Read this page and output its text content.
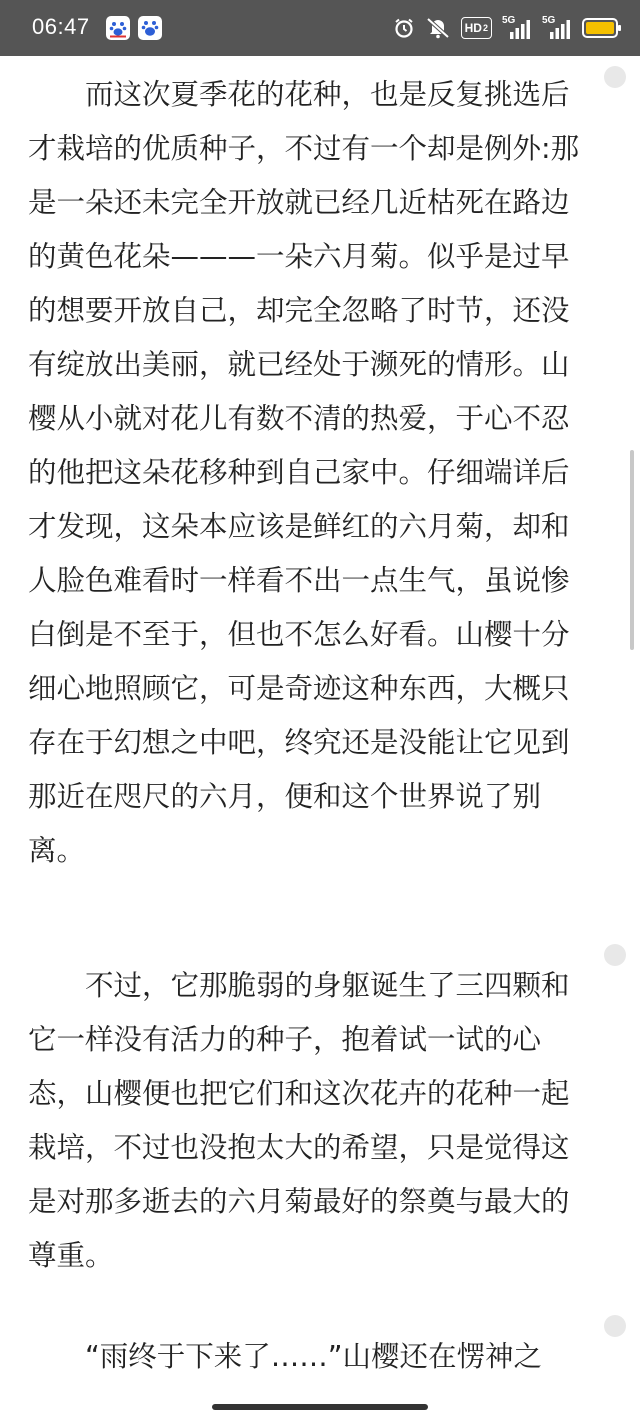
06:47	HD 2
5G	5G
而这次夏季花的花种，也是反复挑选后才栽培的优质种子，不过有一个却是例外:那是一朵还未完全开放就已经几近枯死在路边的黄色花朵———一朵六月菊。似乎是过早的想要开放自己，却完全忽略了时节，还没有绽放出美丽，就已经处于濒死的情形。山樱从小就对花儿有数不清的热爱，于心不忍的他把这朵花移种到自己家中。仔细端详后才发现，这朵本应该是鲜红的六月菊，却和人脸色难看时一样看不出一点生气，虽说惨白倒是不至于，但也不怎么好看。山樱十分细心地照顾它，可是奇迹这种东西，大概只存在于幻想之中吧，终究还是没能让它见到那近在咫尺的六月，便和这个世界说了别离。
不过，它那脆弱的身躯诞生了三四颗和它一样没有活力的种子，抱着试一试的心态，山樱便也把它们和这次花卉的花种一起栽培，不过也没抱太大的希望，只是觉得这是对那多逝去的六月菊最好的祭奠与最大的尊重。
“雨终于下来了……”山樱还在愣神之
